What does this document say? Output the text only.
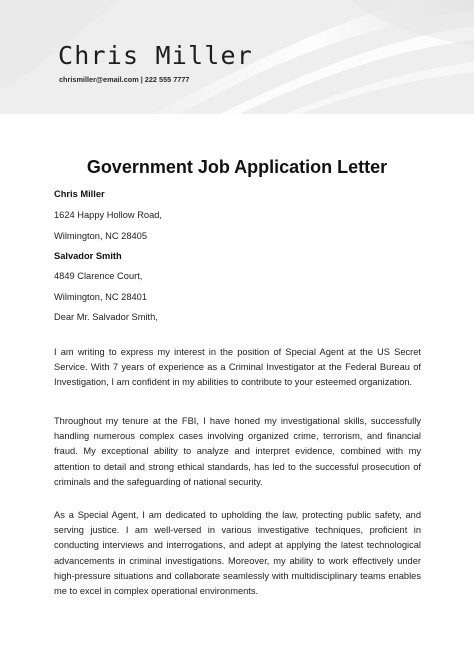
Chris Miller
chrismiller@email.com | 222 555 7777
Government Job Application Letter
Chris Miller
1624 Happy Hollow Road,
Wilmington, NC 28405
Salvador Smith
4849 Clarence Court,
Wilmington, NC 28401
Dear Mr. Salvador Smith,
I am writing to express my interest in the position of Special Agent at the US Secret Service. With 7 years of experience as a Criminal Investigator at the Federal Bureau of Investigation, I am confident in my abilities to contribute to your esteemed organization.
Throughout my tenure at the FBI, I have honed my investigational skills, successfully handling numerous complex cases involving organized crime, terrorism, and financial fraud. My exceptional ability to analyze and interpret evidence, combined with my attention to detail and strong ethical standards, has led to the successful prosecution of criminals and the safeguarding of national security.
As a Special Agent, I am dedicated to upholding the law, protecting public safety, and serving justice. I am well-versed in various investigative techniques, proficient in conducting interviews and interrogations, and adept at applying the latest technological advancements in criminal investigations. Moreover, my ability to work effectively under high-pressure situations and collaborate seamlessly with multidisciplinary teams enables me to excel in complex operational environments.
